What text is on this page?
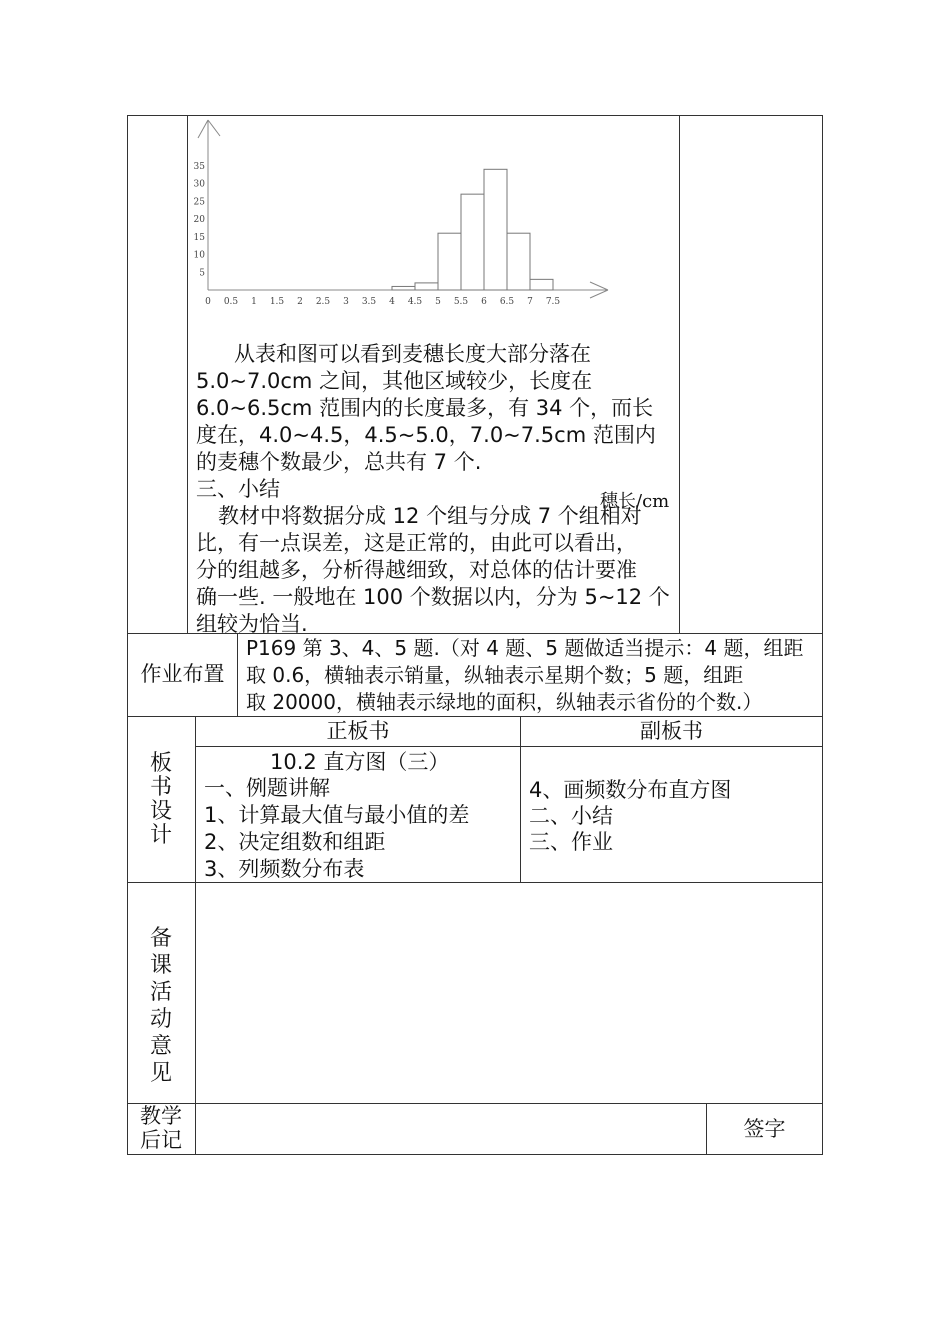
0 0.5 1 1.5 2 2.5 3 3.5 4 4.5 5 5.5 6 6.5 7 7.5
5
10
15
20
25
30
35
穗长/cm
从表和图可以看到麦穗长度大部分落在
5.0~7.0cm 之间，其他区域较少，长度在
6.0~6.5cm 范围内的长度最多，有 34 个，而长
度在，4.0~4.5，4.5~5.0，7.0~7.5cm 范围内
的麦穗个数最少，总共有 7 个.
三、小结
教材中将数据分成 12 个组与分成 7 个组相对
比，有一点误差，这是正常的，由此可以看出，
分的组越多，分析得越细致，对总体的估计要准
确一些. 一般地在 100 个数据以内，分为 5~12 个
组较为恰当.
作业布置
P169 第 3、4、5 题.（对 4 题、5 题做适当提示：4 题，组距
取 0.6，横轴表示销量，纵轴表示星期个数；5 题，组距
取 20000，横轴表示绿地的面积，纵轴表示省份的个数.）
板书设计
正板书	副板书
10.2 直方图（三）
一、例题讲解
1、计算最大值与最小值的差
2、决定组数和组距
3、列频数分布表
4、画频数分布直方图
二、小结
三、作业
备课活动意见
教学后记	签字
